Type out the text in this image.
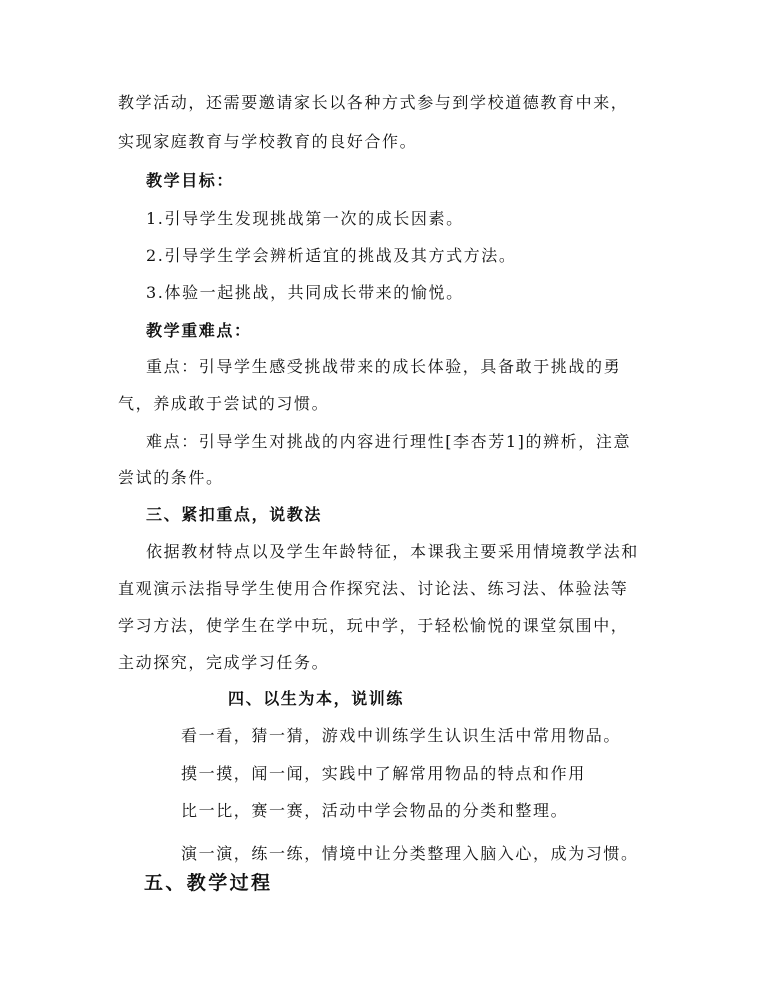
教学活动，还需要邀请家长以各种方式参与到学校道德教育中来，
实现家庭教育与学校教育的良好合作。
教学目标：
1.引导学生发现挑战第一次的成长因素。
2.引导学生学会辨析适宜的挑战及其方式方法。
3.体验一起挑战，共同成长带来的愉悦。
教学重难点：
重点：引导学生感受挑战带来的成长体验，具备敢于挑战的勇
气，养成敢于尝试的习惯。
难点：引导学生对挑战的内容进行理性[李杏芳1]的辨析，注意
尝试的条件。
三、紧扣重点，说教法
依据教材特点以及学生年龄特征，本课我主要采用情境教学法和
直观演示法指导学生使用合作探究法、讨论法、练习法、体验法等
学习方法，使学生在学中玩，玩中学，于轻松愉悦的课堂氛围中，
主动探究，完成学习任务。
四、以生为本，说训练
看一看，猜一猜，游戏中训练学生认识生活中常用物品。
摸一摸，闻一闻，实践中了解常用物品的特点和作用
比一比，赛一赛，活动中学会物品的分类和整理。
演一演，练一练，情境中让分类整理入脑入心，成为习惯。
五、教学过程
